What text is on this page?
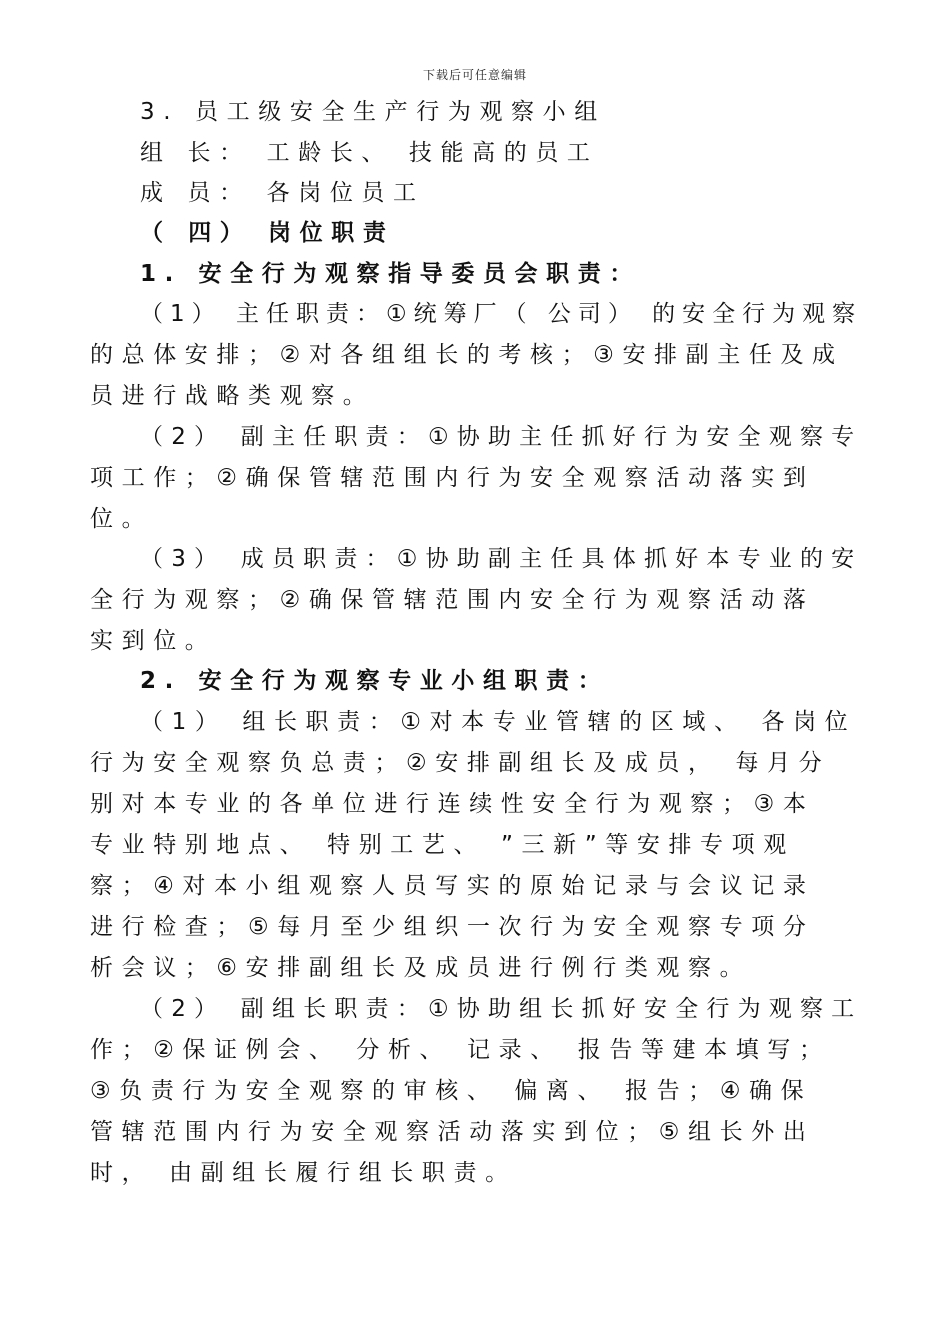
下载后可任意编辑
3. 员工级安全生产行为观察小组
组 长： 工龄长、 技能高的员工
成 员： 各岗位员工
（ 四） 岗位职责
1. 安全行为观察指导委员会职责：
（1） 主任职责：①统筹厂（ 公司） 的安全行为观察
的总体安排；②对各组组长的考核；③安排副主任及成
员进行战略类观察。
（2） 副主任职责：①协助主任抓好行为安全观察专
项工作；②确保管辖范围内行为安全观察活动落实到
位。
（3） 成员职责：①协助副主任具体抓好本专业的安
全行为观察；②确保管辖范围内安全行为观察活动落
实到位。
2. 安全行为观察专业小组职责：
（1） 组长职责：①对本专业管辖的区域、 各岗位
行为安全观察负总责；②安排副组长及成员， 每月分
别对本专业的各单位进行连续性安全行为观察；③本
专业特别地点、 特别工艺、 ”三新”等安排专项观
察；④对本小组观察人员写实的原始记录与会议记录
进行检查；⑤每月至少组织一次行为安全观察专项分
析会议；⑥安排副组长及成员进行例行类观察。
（2） 副组长职责：①协助组长抓好安全行为观察工
作；②保证例会、 分析、 记录、 报告等建本填写；
③负责行为安全观察的审核、 偏离、 报告；④确保
管辖范围内行为安全观察活动落实到位；⑤组长外出
时， 由副组长履行组长职责。
